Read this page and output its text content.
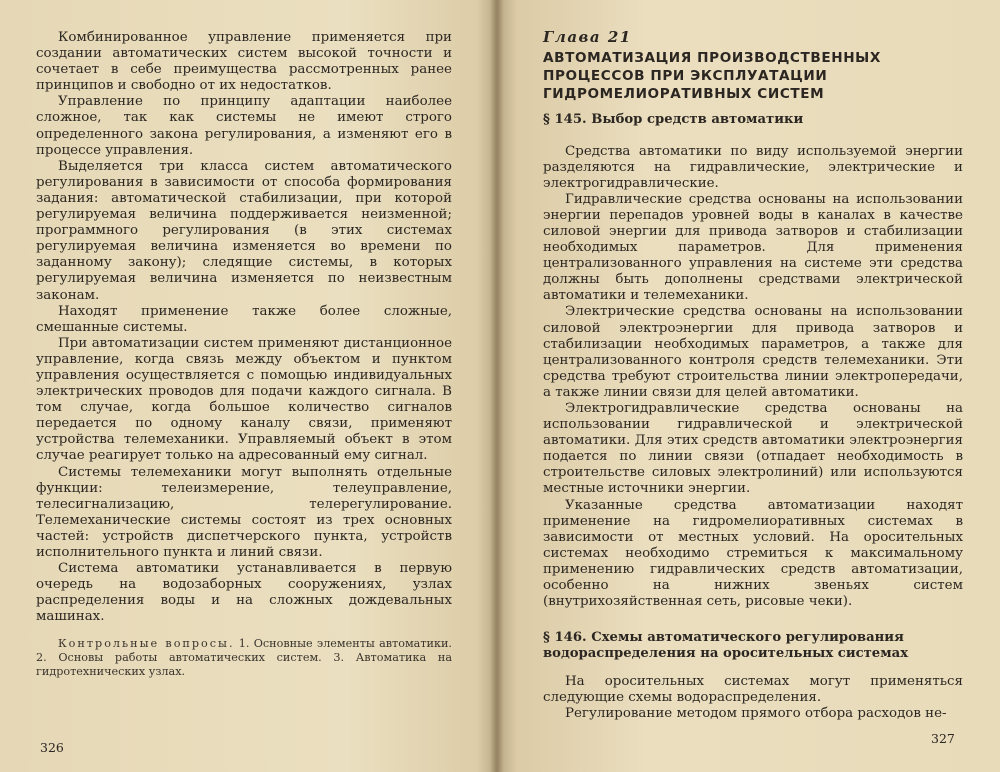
Комбинированное управление применяется при создании автоматических систем высокой точности и сочетает в себе преимущества рассмотренных ранее принципов и свободно от их недостатков.

Управление по принципу адаптации наиболее сложное, так как системы не имеют строго определенного закона регулирования, а изменяют его в процессе управления.

Выделяется три класса систем автоматического регулирования в зависимости от способа формирования задания: автоматической стабилизации, при которой регулируемая величина поддерживается неизменной; программного регулирования (в этих системах регулируемая величина изменяется во времени по заданному закону); следящие системы, в которых регулируемая величина изменяется по неизвестным законам.

Находят применение также более сложные, смешанные системы.

При автоматизации систем применяют дистанционное управление, когда связь между объектом и пунктом управления осуществляется с помощью индивидуальных электрических проводов для подачи каждого сигнала. В том случае, когда большое количество сигналов передается по одному каналу связи, применяют устройства телемеханики. Управляемый объект в этом случае реагирует только на адресованный ему сигнал.

Системы телемеханики могут выполнять отдельные функции: телеизмерение, телеуправление, телесигнализацию, телерегулирование. Телемеханические системы состоят из трех основных частей: устройств диспетчерского пункта, устройств исполнительного пункта и линий связи.

Система автоматики устанавливается в первую очередь на водозаборных сооружениях, узлах распределения воды и на сложных дождевальных машинах.

Контрольные вопросы. 1. Основные элементы автоматики. 2. Основы работы автоматических систем. 3. Автоматика на гидротехнических узлах.

326
Глава 21
АВТОМАТИЗАЦИЯ ПРОИЗВОДСТВЕННЫХ ПРОЦЕССОВ ПРИ ЭКСПЛУАТАЦИИ ГИДРОМЕЛИОРАТИВНЫХ СИСТЕМ
§ 145. Выбор средств автоматики

Средства автоматики по виду используемой энергии разделяются на гидравлические, электрические и электрогидравлические.

Гидравлические средства основаны на использовании энергии перепадов уровней воды в каналах в качестве силовой энергии для привода затворов и стабилизации необходимых параметров. Для применения централизованного управления на системе эти средства должны быть дополнены средствами электрической автоматики и телемеханики.

Электрические средства основаны на использовании силовой электроэнергии для привода затворов и стабилизации необходимых параметров, а также для централизованного контроля средств телемеханики. Эти средства требуют строительства линии электропередачи, а также линии связи для целей автоматики.

Электрогидравлические средства основаны на использовании гидравлической и электрической автоматики. Для этих средств автоматики электроэнергия подается по линии связи (отпадает необходимость в строительстве силовых электролиний) или используются местные источники энергии.

Указанные средства автоматизации находят применение на гидромелиоративных системах в зависимости от местных условий. На оросительных системах необходимо стремиться к максимальному применению гидравлических средств автоматизации, особенно на нижних звеньях систем (внутрихозяйственная сеть, рисовые чеки).

§ 146. Схемы автоматического регулирования водораспределения на оросительных системах

На оросительных системах могут применяться следующие схемы водораспределения.

Регулирование методом прямого отбора расходов не-

327
